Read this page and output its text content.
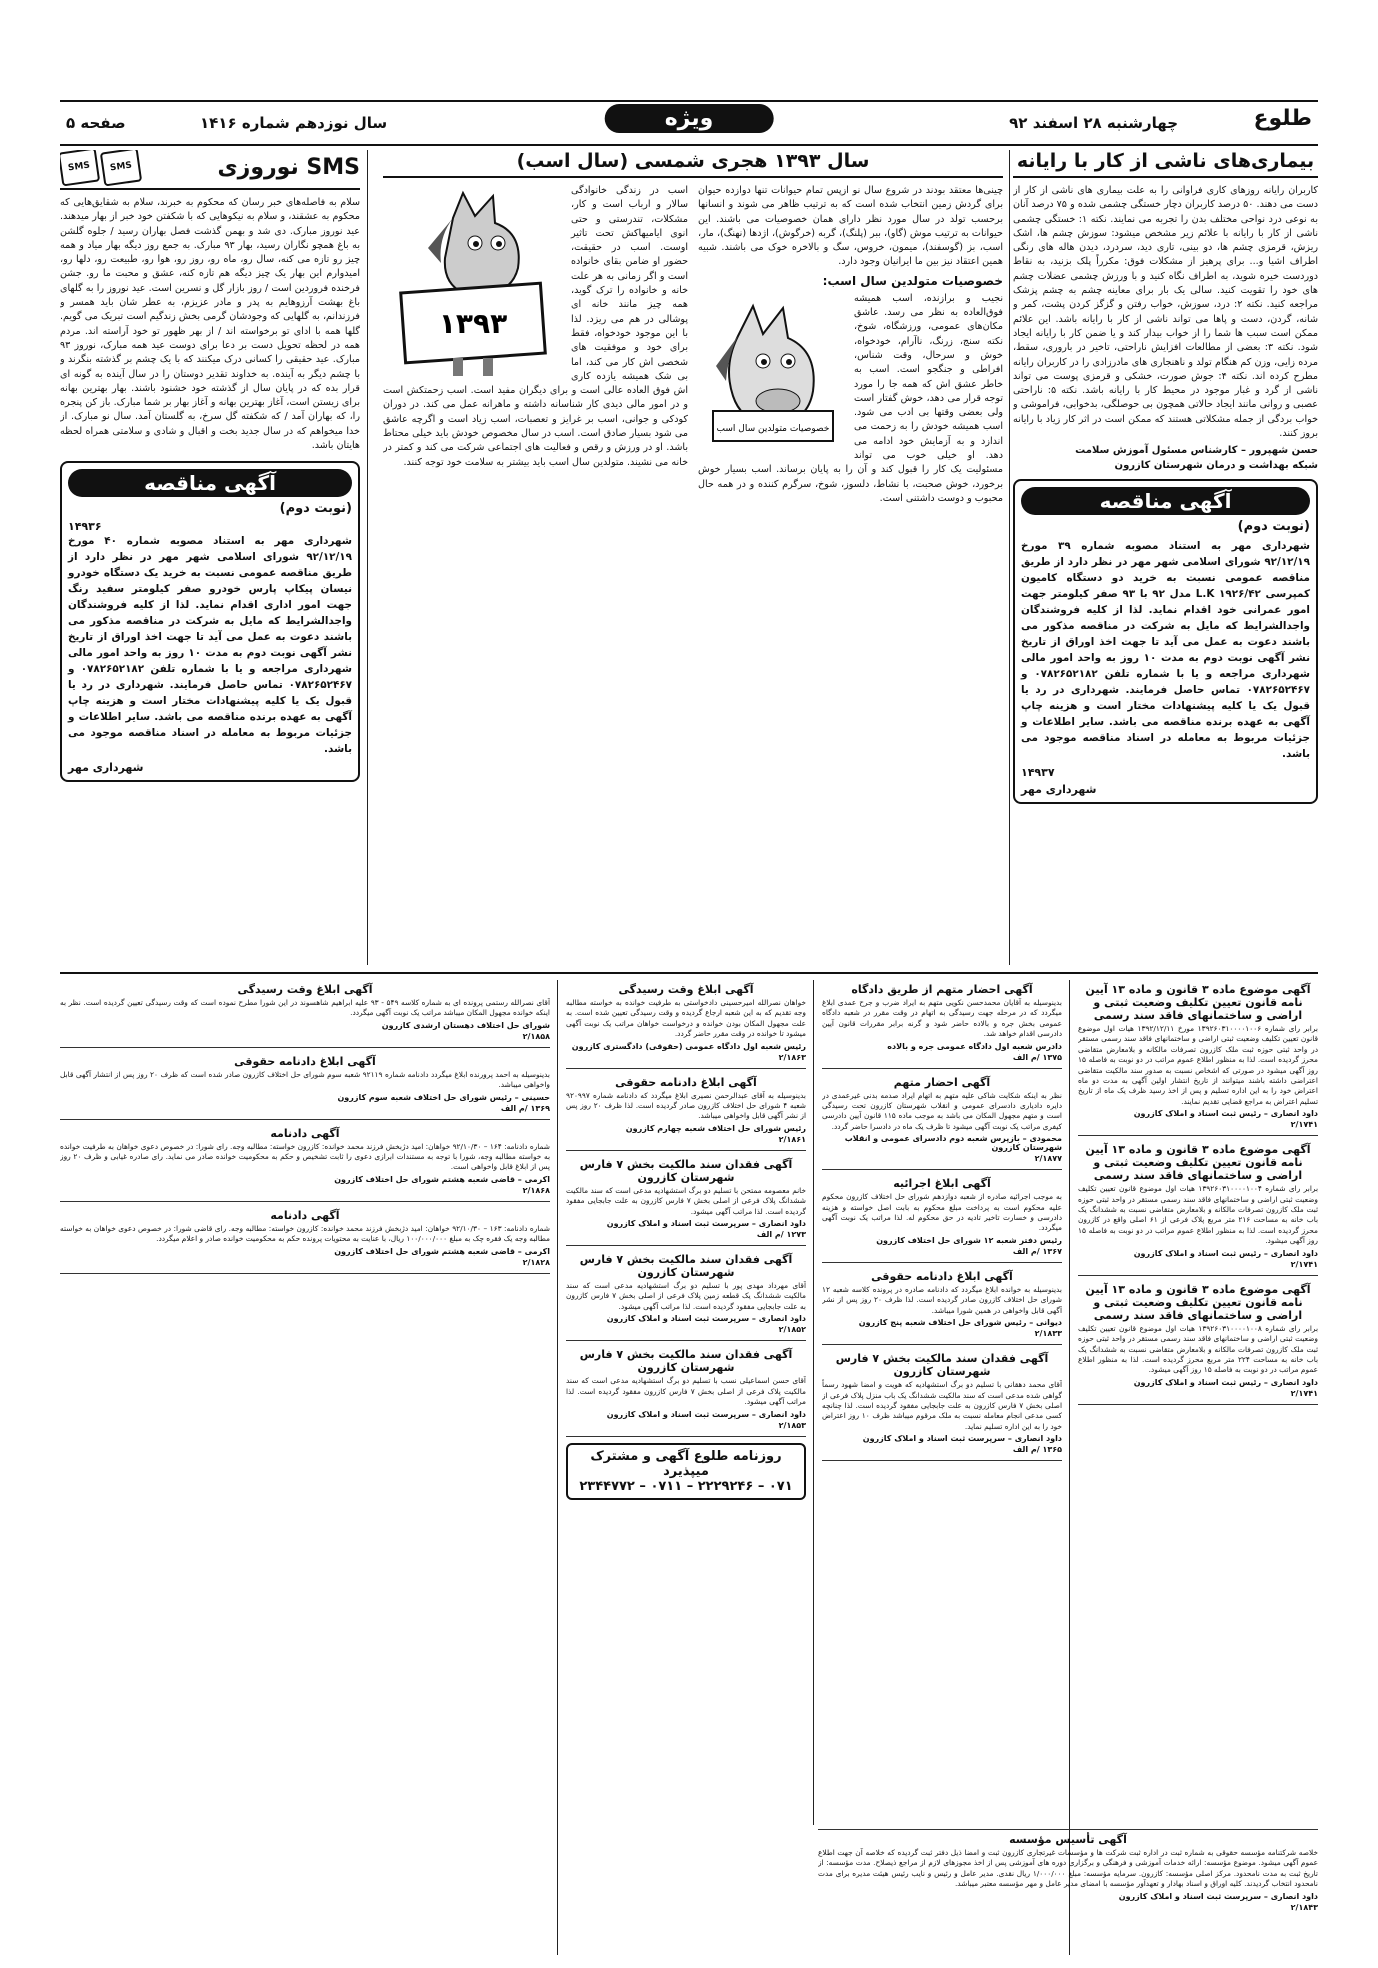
طلوع
چهارشنبه ۲۸ اسفند ۹۲
ویژه
سال نوزدهم شماره ۱۴۱۶
صفحه ۵
بیماری‌های ناشی از کار با رایانه
کاربران رایانه روزهای کاری فراوانی را به علت بیماری های ناشی از کار از دست می دهند. ۵۰ درصد کاربران دچار خستگی چشمی شده و ۷۵ درصد آنان به نوعی درد نواحی مختلف بدن را تجربه می نمایند. نکته ۱: خستگی چشمی ناشی از کار با رایانه با علائم زیر مشخص میشود: سوزش چشم ها، اشک ریزش، قرمزی چشم ها، دو بینی، تاری دید، سردرد، دیدن هاله های رنگی اطراف اشیا و... برای پرهیز از مشکلات فوق: مکرراً پلک بزنید، به نقاط دوردست خیره شوید، به اطراف نگاه کنید و با ورزش چشمی عضلات چشم های خود را تقویت کنید. سالی یک بار برای معاینه چشم به چشم پزشک مراجعه کنید. نکته ۲: درد، سوزش، خواب رفتن و گزگز کردن پشت، کمر و شانه، گردن، دست و پاها می تواند ناشی از کار با رایانه باشد. این علائم ممکن است سبب ها شما را از خواب بیدار کند و یا ضمن کار با رایانه ایجاد شود. نکته ۳: بعضی از مطالعات افزایش ناراحتی، تاخیر در باروری، سقط، مرده زایی، وزن کم هنگام تولد و ناهنجاری های مادرزادی را در کاربران رایانه مطرح کرده اند. نکته ۴: جوش صورت، خشکی و قرمزی پوست می تواند ناشی از گرد و غبار موجود در محیط کار با رایانه باشد. نکته ۵: ناراحتی عصبی و روانی مانند ایجاد حالاتی همچون بی حوصلگی، بدخوابی، فراموشی و خواب بردگی از جمله مشکلاتی هستند که ممکن است در اثر کار زیاد با رایانه بروز کنند.
حسن شهپرور – کارشناس مسئول آموزش سلامت
شبکه بهداشت و درمان شهرستان کازرون
آگهی مناقصه
(نوبت دوم)
شهرداری مهر به استناد مصوبه شماره ۳۹ مورخ ۹۲/۱۲/۱۹ شورای اسلامی شهر مهر در نظر دارد از طریق مناقصه عمومی نسبت به خرید دو دستگاه کامیون کمپرسی L.K ۱۹۲۶/۴۲ مدل ۹۲ با ۹۳ صفر کیلومتر جهت امور عمرانی خود اقدام نماید. لذا از کلیه فروشندگان واجدالشرایط که مایل به شرکت در مناقصه مذکور می باشند دعوت به عمل می آید تا جهت اخذ اوراق از تاریخ نشر آگهی نوبت دوم به مدت ۱۰ روز به واحد امور مالی شهرداری مراجعه و یا با شماره تلفن ۰۷۸۲۶۵۲۱۸۲ و ۰۷۸۲۶۵۲۴۶۷ تماس حاصل فرمایند. شهرداری در رد یا قبول یک یا کلیه پیشنهادات مختار است و هزینه چاپ آگهی به عهده برنده مناقصه می باشد. سایر اطلاعات و جزئیات مربوط به معامله در اسناد مناقصه موجود می باشد.
۱۴۹۳۷
شهرداری مهر
سال ۱۳۹۳ هجری شمسی (سال اسب)
چینی‌ها معتقد بودند در شروع سال نو ازپس تمام حیوانات تنها دوازده حیوان برای گردش زمین انتخاب شده است که به ترتیب ظاهر می شوند و انسانها برحسب تولد در سال مورد نظر دارای همان خصوصیات می باشند. این حیوانات به ترتیب موش (گاو)، ببر (پلنگ)، گربه (خرگوش)، اژدها (نهنگ)، مار، اسب، بز (گوسفند)، میمون، خروس، سگ و بالاخره خوک می باشند. شبیه همین اعتقاد نیز بین ما ایرانیان وجود دارد.
خصوصیات متولدین سال اسب:
خصوصیات متولدین سال اسب
نجیب و برازنده، اسب همیشه فوق‌العاده به نظر می رسد. عاشق مکان‌های عمومی، ورزشگاه، شوخ، نکته سنج، زرنگ، ناآرام، خودخواه، خوش و سرحال، وقت شناس، افراطی و جنگجو است. اسب به خاطر عشق اش که همه جا را مورد توجه قرار می دهد، خوش گفتار است ولی بعضی وقتها بی ادب می شود. اسب همیشه خودش را به زحمت می اندازد و به آزمایش خود ادامه می دهد. او خیلی خوب می تواند مسئولیت یک کار را قبول کند و آن را به پایان برساند. اسب بسیار خوش برخورد، خوش صحبت، با نشاط، دلسوز، شوخ، سرگرم کننده و در همه حال محبوب و دوست داشتنی است.
۱۳۹۳
اسب در زندگی خانوادگی سالار و ارباب است و کار، مشکلات، تندرستی و حتی انوی ایامیهاکش تحت تاثیر اوست. اسب در حقیقت، حضور او ضامن بقای خانواده است و اگر زمانی به هر علت خانه و خانواده را ترک گوید، همه چیز مانند خانه ای پوشالی در هم می ریزد. لذا با این موجود خودخواه، فقط برای خود و موفقیت های شخصی اش کار می کند، اما بی شک همیشه یازده کاری اش فوق العاده عالی است و برای دیگران مفید است. اسب زحمتکش است و در امور مالی دیدی کار شناسانه داشته و ماهرانه عمل می کند. در دوران کودکی و جوانی، اسب بر غرایز و تعصبات، اسب زیاد است و اگرچه عاشق می شود بسیار صادق است. اسب در سال مخصوص خودش باید خیلی محتاط باشد. او در ورزش و رقص و فعالیت های اجتماعی شرکت می کند و کمتر در خانه می نشیند. متولدین سال اسب باید بیشتر به سلامت خود توجه کنند.
SMS نوروزی
SMS
SMS
سلام به فاصله‌های خبر رسان که محکوم به خبرند، سلام به شقایق‌هایی که محکوم به عشقند، و سلام به نیکوهایی که با شکفتن خود خبر از بهار میدهند. عید نوروز مبارک. دی شد و بهمن گذشت فصل بهاران رسید / جلوه گلشن به باغ همچو نگاران رسید، بهار ۹۳ مبارک. به جمع روز دیگه بهار میاد و همه چیز رو تازه می کنه، سال رو، ماه رو، روز رو، هوا رو، طبیعت رو، دلها رو، امیدوارم این بهار یک چیز دیگه هم تازه کنه، عشق و محبت ما رو. جشن فرخنده فروردین است / روز بازار گل و نسرین است. عید نوروز را به گلهای باغ بهشت آرزوهایم به پدر و مادر عزیزم، به عطر شان باید همسر و فرزندانم، به گلهایی که وجودشان گرمی بخش زندگیم است تبریک می گویم. گلها همه با ادای تو برخواسته اند / از بهر ظهور تو خود آراسته اند. مردم همه در لحظه تحویل دست بر دعا برای دوست عید همه مبارک، نوروز ۹۳ مبارک. عید حقیقی را کسانی درک میکنند که با یک چشم بر گذشته بنگرند و با چشم دیگر به آینده. به خداوند تقدیر دوستان را در سال آینده به گونه ای قرار بده که در پایان سال از گذشته خود خشنود باشند. بهار بهترین بهانه برای زیستن است، آغاز بهترین بهانه و آغاز بهار بر شما مبارک. باز کن پنجره را، که بهاران آمد / که شکفته گل سرخ، به گلستان آمد. سال نو مبارک. از خدا میخواهم که در سال جدید بخت و اقبال و شادی و سلامتی همراه لحظه هایتان باشد.
آگهی مناقصه
(نوبت دوم)
۱۴۹۳۶
شهرداری مهر به استناد مصوبه شماره ۴۰ مورخ ۹۲/۱۲/۱۹ شورای اسلامی شهر مهر در نظر دارد از طریق مناقصه عمومی نسبت به خرید یک دستگاه خودرو نیسان پیکاپ پارس خودرو صفر کیلومتر سفید رنگ جهت امور اداری اقدام نماید. لذا از کلیه فروشندگان واجدالشرایط که مایل به شرکت در مناقصه مذکور می باشند دعوت به عمل می آید تا جهت اخذ اوراق از تاریخ نشر آگهی نوبت دوم به مدت ۱۰ روز به واحد امور مالی شهرداری مراجعه و یا با شماره تلفن ۰۷۸۲۶۵۲۱۸۲ و ۰۷۸۲۶۵۲۴۶۷ تماس حاصل فرمایند. شهرداری در رد یا قبول یک یا کلیه پیشنهادات مختار است و هزینه چاپ آگهی به عهده برنده مناقصه می باشد. سایر اطلاعات و جزئیات مربوط به معامله در اسناد مناقصه موجود می باشد.
شهرداری مهر
آگهی موضوع ماده ۳ قانون و ماده ۱۳ آیین نامه قانون تعیین تکلیف وضعیت ثبتی و اراضی و ساختمانهای فاقد سند رسمی
برابر رای شماره ۱۳۹۲۶۰۳۱۰۰۰۰۱۰۰۶ مورخ ۱۳۹۲/۱۲/۱۱ هیات اول موضوع قانون تعیین تکلیف وضعیت ثبتی اراضی و ساختمانهای فاقد سند رسمی مستقر در واحد ثبتی حوزه ثبت ملک کازرون تصرفات مالکانه و بلامعارض متقاضی محرز گردیده است. لذا به منظور اطلاع عموم مراتب در دو نوبت به فاصله ۱۵ روز آگهی میشود در صورتی که اشخاص نسبت به صدور سند مالکیت متقاضی اعتراضی داشته باشند میتوانند از تاریخ انتشار اولین آگهی به مدت دو ماه اعتراض خود را به این اداره تسلیم و پس از اخذ رسید ظرف یک ماه از تاریخ تسلیم اعتراض به مراجع قضایی تقدیم نمایند.
داود انصاری – رئیس ثبت اسناد و املاک کازرون
۲/۱۷۴۱
آگهی موضوع ماده ۳ قانون و ماده ۱۳ آیین نامه قانون تعیین تکلیف وضعیت ثبتی و اراضی و ساختمانهای فاقد سند رسمی
برابر رای شماره ۱۳۹۲۶۰۳۱۰۰۰۰۱۰۰۴ هیات اول موضوع قانون تعیین تکلیف وضعیت ثبتی اراضی و ساختمانهای فاقد سند رسمی مستقر در واحد ثبتی حوزه ثبت ملک کازرون تصرفات مالکانه و بلامعارض متقاضی نسبت به ششدانگ یک باب خانه به مساحت ۲۱۶ متر مربع پلاک فرعی از ۶۱ اصلی واقع در کازرون محرز گردیده است. لذا به منظور اطلاع عموم مراتب در دو نوبت به فاصله ۱۵ روز آگهی میشود.
داود انصاری – رئیس ثبت اسناد و املاک کازرون
۲/۱۷۴۱
آگهی موضوع ماده ۳ قانون و ماده ۱۳ آیین نامه قانون تعیین تکلیف وضعیت ثبتی و اراضی و ساختمانهای فاقد سند رسمی
برابر رای شماره ۱۳۹۲۶۰۳۱۰۰۰۰۱۰۰۸ هیات اول موضوع قانون تعیین تکلیف وضعیت ثبتی اراضی و ساختمانهای فاقد سند رسمی مستقر در واحد ثبتی حوزه ثبت ملک کازرون تصرفات مالکانه و بلامعارض متقاضی نسبت به ششدانگ یک باب خانه به مساحت ۲۲۴ متر مربع محرز گردیده است. لذا به منظور اطلاع عموم مراتب در دو نوبت به فاصله ۱۵ روز آگهی میشود.
داود انصاری – رئیس ثبت اسناد و املاک کازرون
۲/۱۷۴۱
آگهی احضار متهم از طریق دادگاه
بدینوسیله به آقایان محمدحسن نکویی متهم به ایراد ضرب و جرح عمدی ابلاغ میگردد که در مرحله جهت رسیدگی به اتهام در وقت مقرر در شعبه دادگاه عمومی بخش جره و بالاده حاضر شود و گرنه برابر مقررات قانون آیین دادرسی اقدام خواهد شد.
دادرس شعبه اول دادگاه عمومی جره و بالاده
۱۳۷۵ /م الف
آگهی احضار متهم
نظر به اینکه شکایت شاکی علیه متهم به اتهام ایراد صدمه بدنی غیرعمدی در دایره دادیاری دادسرای عمومی و انقلاب شهرستان کازرون تحت رسیدگی است و متهم مجهول المکان می باشد به موجب ماده ۱۱۵ قانون آیین دادرسی کیفری مراتب یک نوبت آگهی میشود تا ظرف یک ماه در دادسرا حاضر گردد.
محمودی – بازپرس شعبه دوم دادسرای عمومی و انقلاب شهرستان کازرون
۲/۱۸۷۷
آگهی ابلاغ اجرائیه
به موجب اجرائیه صادره از شعبه دوازدهم شورای حل اختلاف کازرون محکوم علیه محکوم است به پرداخت مبلغ محکوم به بابت اصل خواسته و هزینه دادرسی و خسارت تاخیر تادیه در حق محکوم له. لذا مراتب یک نوبت آگهی میگردد.
رئیس دفتر شعبه ۱۲ شورای حل اختلاف کازرون
۱۳۶۷ /م الف
آگهی ابلاغ دادنامه حقوقی
بدینوسیله به خوانده ابلاغ میگردد که دادنامه صادره در پرونده کلاسه شعبه ۱۲ شورای حل اختلاف کازرون صادر گردیده است. لذا ظرف ۲۰ روز پس از نشر آگهی قابل واخواهی در همین شورا میباشد.
دیوانی – رئیس شورای حل اختلاف شعبه پنج کازرون
۲/۱۸۳۳
آگهی فقدان سند مالکیت بخش ۷ فارس شهرستان کازرون
آقای محمد دهقانی با تسلیم دو برگ استشهادیه که هویت و امضا شهود رسماً گواهی شده مدعی است که سند مالکیت ششدانگ یک باب منزل پلاک فرعی از اصلی بخش ۷ فارس کازرون به علت جابجایی مفقود گردیده است. لذا چنانچه کسی مدعی انجام معامله نسبت به ملک مرقوم میباشد ظرف ۱۰ روز اعتراض خود را به این اداره تسلیم نماید.
داود انصاری – سرپرست ثبت اسناد و املاک کازرون
۱۳۶۵ /م الف
آگهی ابلاغ وقت رسیدگی
خواهان نصرالله امیرحسینی دادخواستی به طرفیت خوانده به خواسته مطالبه وجه تقدیم که به این شعبه ارجاع گردیده و وقت رسیدگی تعیین شده است. به علت مجهول المکان بودن خوانده و درخواست خواهان مراتب یک نوبت آگهی میشود تا خوانده در وقت مقرر حاضر گردد.
رئیس شعبه اول دادگاه عمومی (حقوقی) دادگستری کازرون
۲/۱۸۶۳
آگهی ابلاغ دادنامه حقوقی
بدینوسیله به آقای عبدالرحمن نصیری ابلاغ میگردد که دادنامه شماره ۹۲۰۹۹۷ شعبه ۴ شورای حل اختلاف کازرون صادر گردیده است. لذا ظرف ۲۰ روز پس از نشر آگهی قابل واخواهی میباشد.
رئیس شورای حل اختلاف شعبه چهارم کازرون
۲/۱۸۶۱
آگهی فقدان سند مالکیت بخش ۷ فارس شهرستان کازرون
خانم معصومه ممتحن با تسلیم دو برگ استشهادیه مدعی است که سند مالکیت ششدانگ پلاک فرعی از اصلی بخش ۷ فارس کازرون به علت جابجایی مفقود گردیده است. لذا مراتب آگهی میشود.
داود انصاری – سرپرست ثبت اسناد و املاک کازرون
۱۲۷۳ /م الف
آگهی فقدان سند مالکیت بخش ۷ فارس شهرستان کازرون
آقای مهرداد مهدی پور با تسلیم دو برگ استشهادیه مدعی است که سند مالکیت ششدانگ یک قطعه زمین پلاک فرعی از اصلی بخش ۷ فارس کازرون به علت جابجایی مفقود گردیده است. لذا مراتب آگهی میشود.
داود انصاری – سرپرست ثبت اسناد و املاک کازرون
۲/۱۸۵۲
آگهی فقدان سند مالکیت بخش ۷ فارس شهرستان کازرون
آقای حسن اسماعیلی نسب با تسلیم دو برگ استشهادیه مدعی است که سند مالکیت پلاک فرعی از اصلی بخش ۷ فارس کازرون مفقود گردیده است. لذا مراتب آگهی میشود.
داود انصاری – سرپرست ثبت اسناد و املاک کازرون
۲/۱۸۵۳
روزنامه طلوع آگهی و مشترک میپذیرد
۰۷۱ – ۲۲۲۹۲۴۶ – ۰۷۱۱ – ۲۳۴۴۷۷۲
آگهی ابلاغ وقت رسیدگی
آقای نصرالله رستمی پرونده ای به شماره کلاسه ۵۴۹ - ۹۳ علیه ابراهیم شاهسوند در این شورا مطرح نموده است که وقت رسیدگی تعیین گردیده است. نظر به اینکه خوانده مجهول المکان میباشد مراتب یک نوبت آگهی میگردد.
شورای حل اختلاف دهستان ارشدی کازرون
۲/۱۸۵۸
آگهی ابلاغ دادنامه حقوقی
بدینوسیله به احمد پرورنده ابلاغ میگردد دادنامه شماره ۹۲۱۱۹ شعبه سوم شورای حل اختلاف کازرون صادر شده است که ظرف ۲۰ روز پس از انتشار آگهی قابل واخواهی میباشد.
حسینی – رئیس شورای حل اختلاف شعبه سوم کازرون
۱۳۶۹ /م الف
آگهی دادنامه
شماره دادنامه: ۱۶۴ – ۹۲/۱۰/۳۰ خواهان: امید دژبخش فرزند محمد خوانده: کازرون خواسته: مطالبه وجه. رای شورا: در خصوص دعوی خواهان به طرفیت خوانده به خواسته مطالبه وجه، شورا با توجه به مستندات ابرازی دعوی را ثابت تشخیص و حکم به محکومیت خوانده صادر می نماید. رای صادره غیابی و ظرف ۲۰ روز پس از ابلاغ قابل واخواهی است.
اکرمی – قاضی شعبه هشتم شورای حل اختلاف کازرون
۲/۱۸۶۸
آگهی دادنامه
شماره دادنامه: ۱۶۳ – ۹۲/۱۰/۳۰ خواهان: امید دژبخش فرزند محمد خوانده: کازرون خواسته: مطالبه وجه. رای قاضی شورا: در خصوص دعوی خواهان به خواسته مطالبه وجه یک فقره چک به مبلغ ۱۰۰/۰۰۰/۰۰۰ ریال، با عنایت به محتویات پرونده حکم به محکومیت خوانده صادر و اعلام میگردد.
اکرمی – قاضی شعبه هشتم شورای حل اختلاف کازرون
۲/۱۸۲۸
آگهی تأسیس مؤسسه
خلاصه شرکتنامه مؤسسه حقوقی به شماره ثبت در اداره ثبت شرکت ها و مؤسسات غیرتجاری کازرون ثبت و امضا ذیل دفتر ثبت گردیده که خلاصه آن جهت اطلاع عموم آگهی میشود. موضوع مؤسسه: ارائه خدمات آموزشی و فرهنگی و برگزاری دوره های آموزشی پس از اخذ مجوزهای لازم از مراجع ذیصلاح. مدت مؤسسه: از تاریخ ثبت به مدت نامحدود. مرکز اصلی مؤسسه: کازرون. سرمایه مؤسسه: مبلغ ۱/۰۰۰/۰۰۰ ریال نقدی. مدیر عامل و رئیس و نایب رئیس هیئت مدیره برای مدت نامحدود انتخاب گردیدند. کلیه اوراق و اسناد بهادار و تعهدآور مؤسسه با امضای مدیر عامل و مهر مؤسسه معتبر میباشد.
داود انصاری – سرپرست ثبت اسناد و املاک کازرون
۲/۱۸۴۳
